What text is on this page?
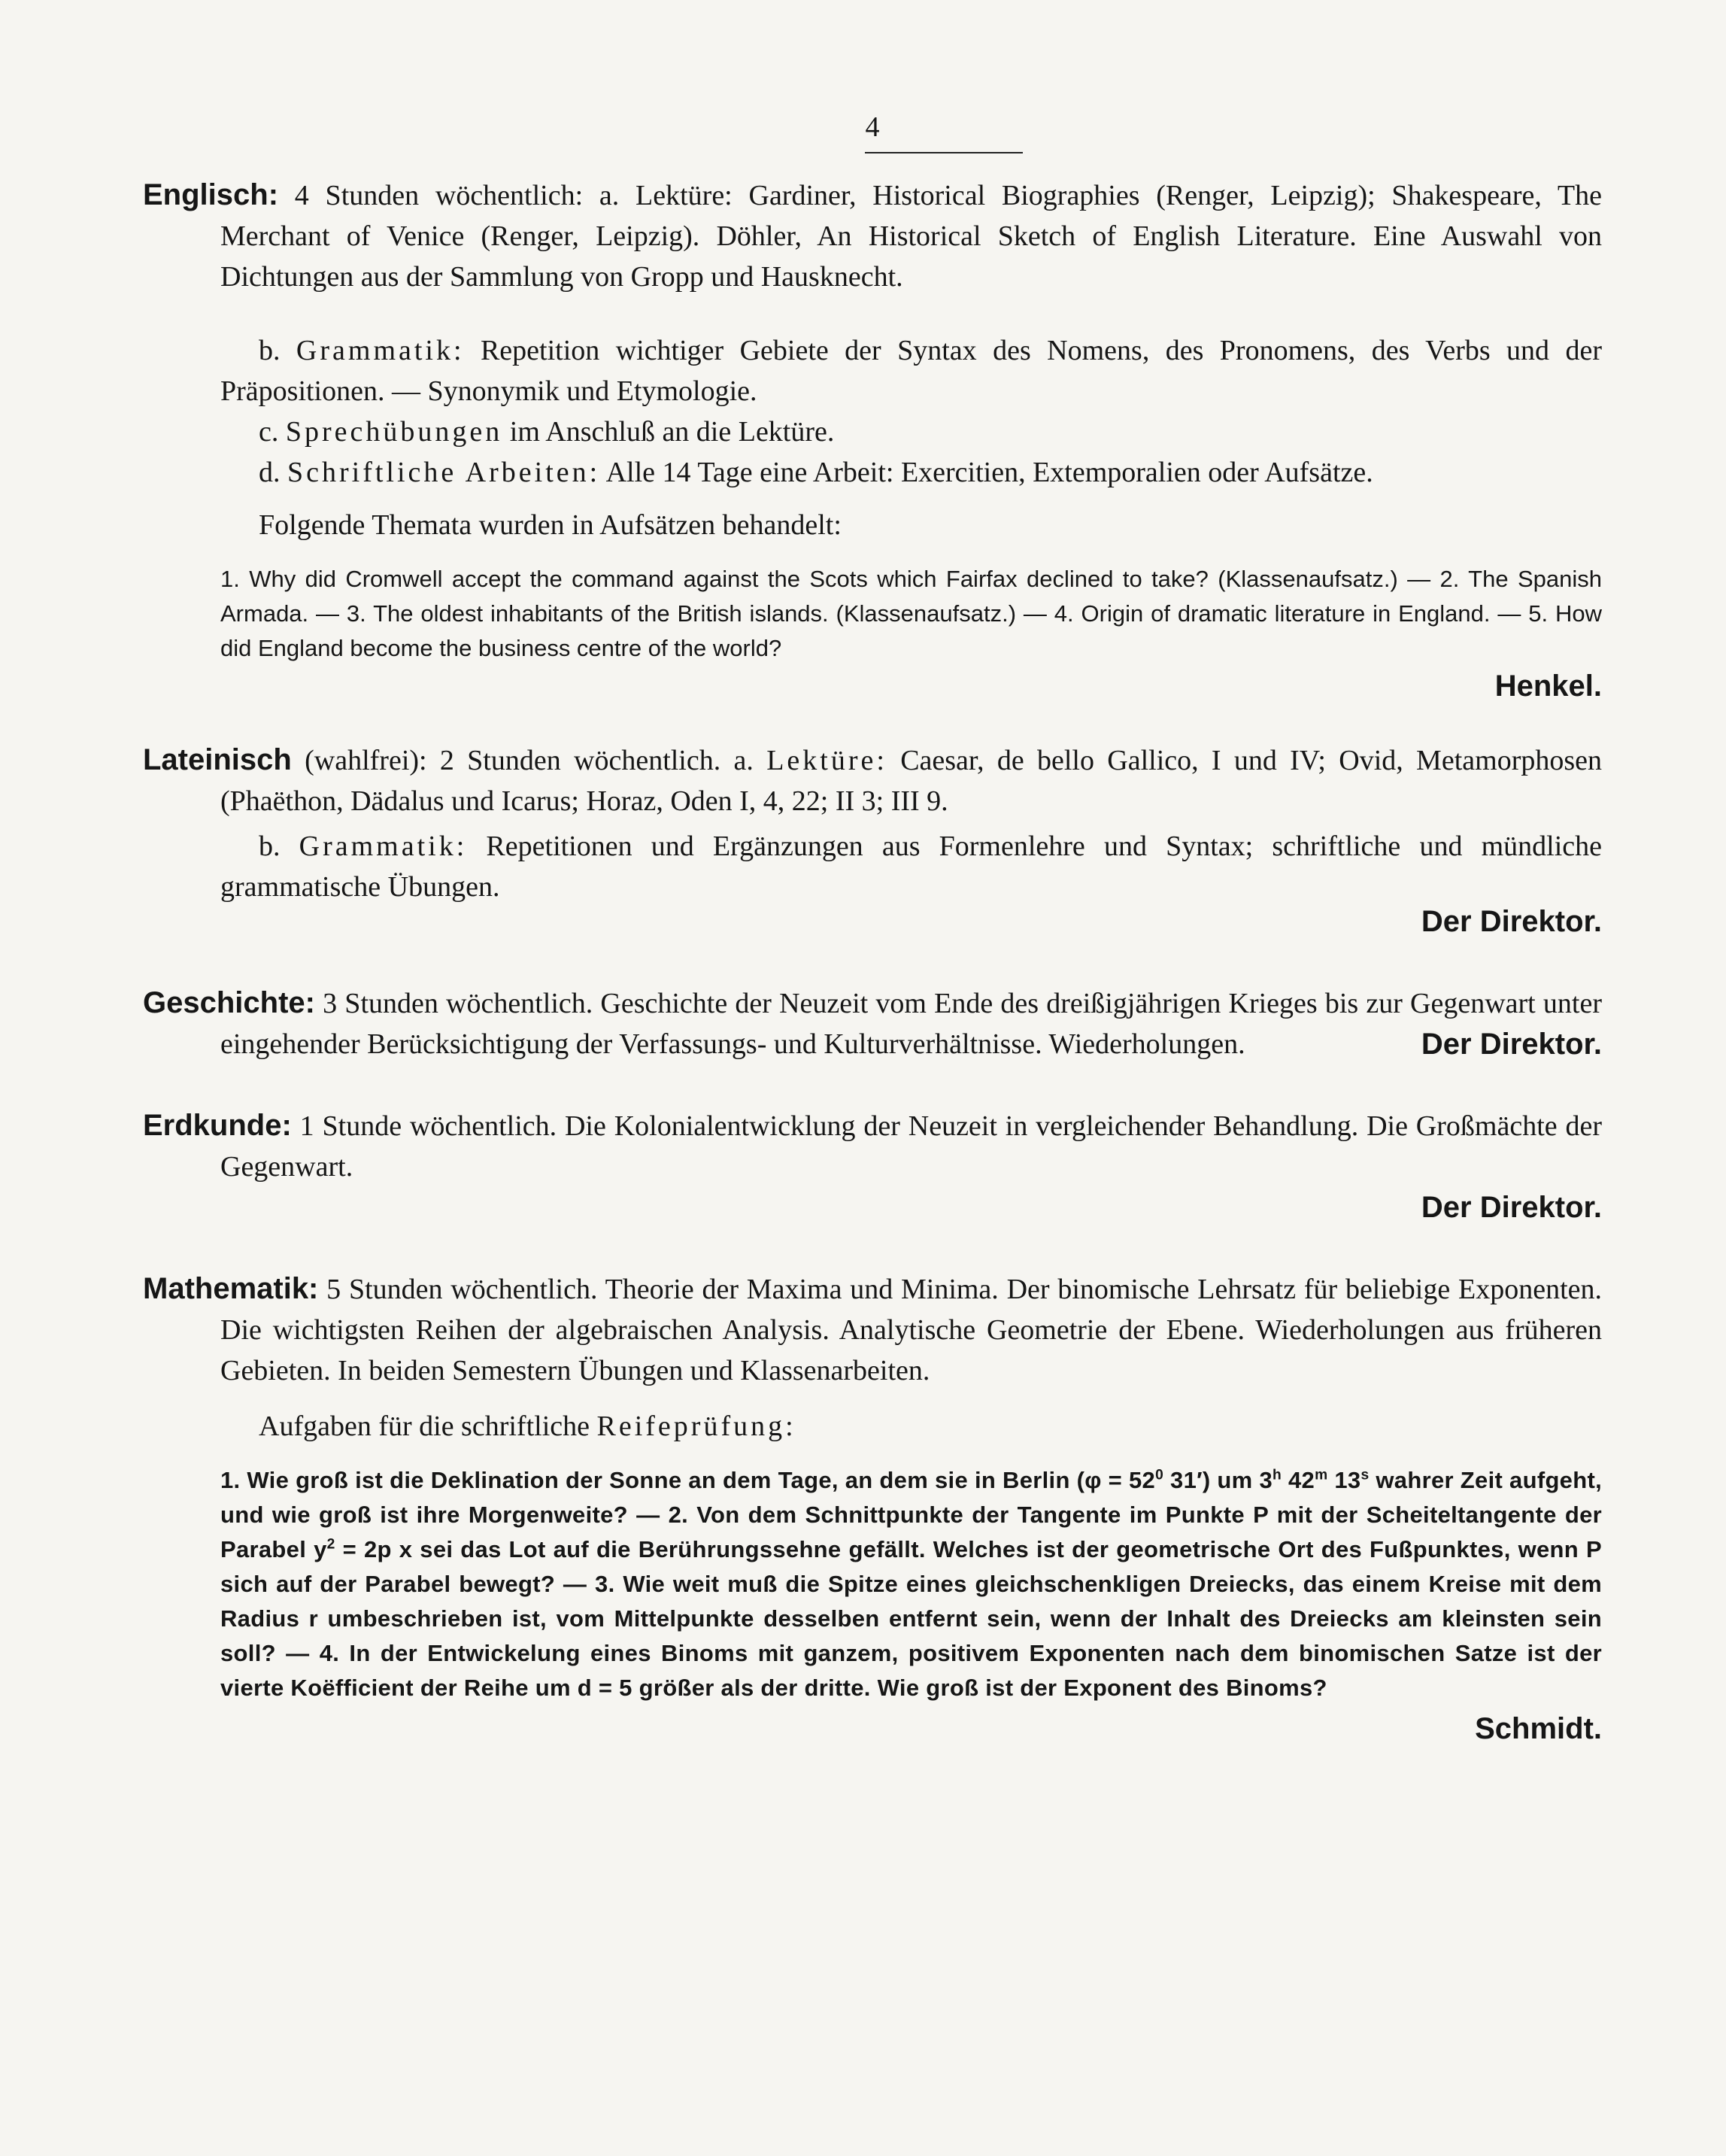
4
Englisch: 4 Stunden wöchentlich: a. Lektüre: Gardiner, Historical Biographies (Renger, Leipzig); Shakespeare, The Merchant of Venice (Renger, Leipzig). Döhler, An Historical Sketch of English Literature. Eine Auswahl von Dichtungen aus der Sammlung von Gropp und Hausknecht.
b. Grammatik: Repetition wichtiger Gebiete der Syntax des Nomens, des Pronomens, des Verbs und der Präpositionen. — Synonymik und Etymologie.
c. Sprechübungen im Anschluß an die Lektüre.
d. Schriftliche Arbeiten: Alle 14 Tage eine Arbeit: Exercitien, Extemporalien oder Aufsätze.
Folgende Themata wurden in Aufsätzen behandelt:
1. Why did Cromwell accept the command against the Scots which Fairfax declined to take? (Klassenaufsatz.) — 2. The Spanish Armada. — 3. The oldest inhabitants of the British islands. (Klassenaufsatz.) — 4. Origin of dramatic literature in England. — 5. How did England become the business centre of the world?
Henkel.
Lateinisch (wahlfrei): 2 Stunden wöchentlich. a. Lektüre: Caesar, de bello Gallico, I und IV; Ovid, Metamorphosen (Phaëthon, Dädalus und Icarus; Horaz, Oden I, 4, 22; II 3; III 9.
b. Grammatik: Repetitionen und Ergänzungen aus Formenlehre und Syntax; schriftliche und mündliche grammatische Übungen.
Der Direktor.
Geschichte: 3 Stunden wöchentlich. Geschichte der Neuzeit vom Ende des dreißigjährigen Krieges bis zur Gegenwart unter eingehender Berücksichtigung der Verfassungs- und Kulturverhältnisse. Wiederholungen.	Der Direktor.
Erdkunde: 1 Stunde wöchentlich. Die Kolonialentwicklung der Neuzeit in vergleichender Behandlung. Die Großmächte der Gegenwart.
Der Direktor.
Mathematik: 5 Stunden wöchentlich. Theorie der Maxima und Minima. Der binomische Lehrsatz für beliebige Exponenten. Die wichtigsten Reihen der algebraischen Analysis. Analytische Geometrie der Ebene. Wiederholungen aus früheren Gebieten. In beiden Semestern Übungen und Klassenarbeiten.
Aufgaben für die schriftliche Reifeprüfung:
1. Wie groß ist die Deklination der Sonne an dem Tage, an dem sie in Berlin ($\varphi = 52^0$ 31′) um 3$^h$ 42$^m$ 13$^s$ wahrer Zeit aufgeht, und wie groß ist ihre Morgenweite? — 2. Von dem Schnittpunkte der Tangente im Punkte P mit der Scheiteltangente der Parabel $y^2 = 2p$ x sei das Lot auf die Berührungssehne gefällt. Welches ist der geometrische Ort des Fußpunktes, wenn P sich auf der Parabel bewegt? — 3. Wie weit muß die Spitze eines gleichschenkligen Dreiecks, das einem Kreise mit dem Radius r umbeschrieben ist, vom Mittelpunkte desselben entfernt sein, wenn der Inhalt des Dreiecks am kleinsten sein soll? — 4. In der Entwickelung eines Binoms mit ganzem, positivem Exponenten nach dem binomischen Satze ist der vierte Koëfficient der Reihe um d = 5 größer als der dritte. Wie groß ist der Exponent des Binoms?
Schmidt.
